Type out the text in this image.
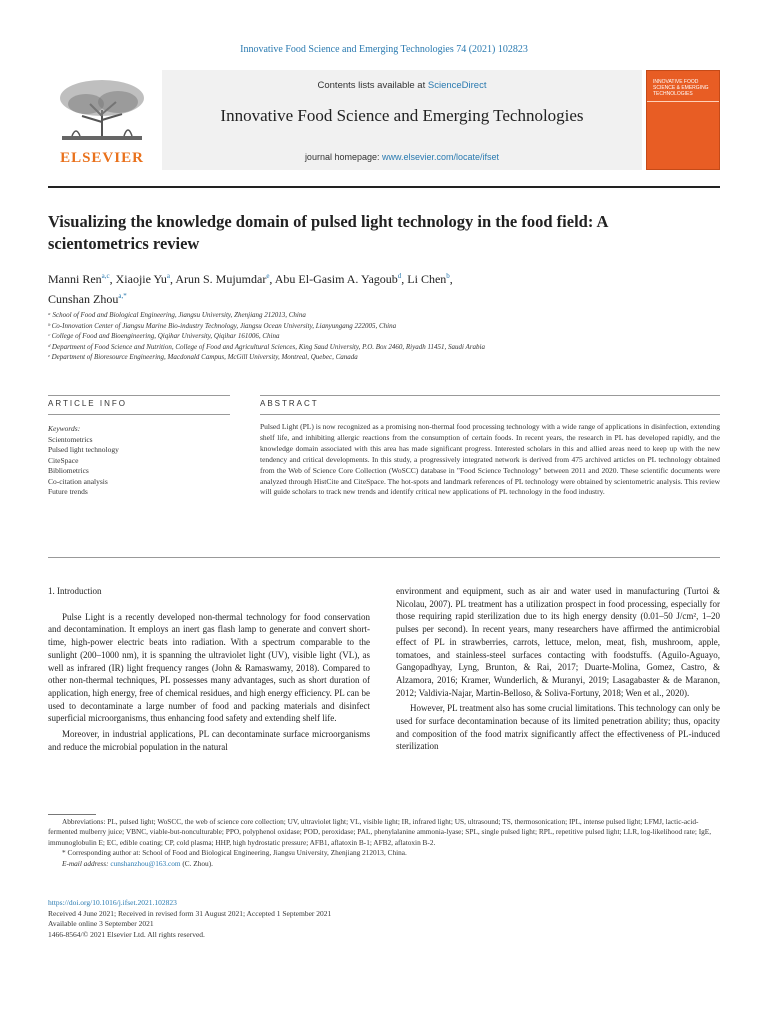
Innovative Food Science and Emerging Technologies 74 (2021) 102823
ELSEVIER
Contents lists available at ScienceDirect
Innovative Food Science and Emerging Technologies
journal homepage: www.elsevier.com/locate/ifset
INNOVATIVE FOOD SCIENCE & EMERGING TECHNOLOGIES
Visualizing the knowledge domain of pulsed light technology in the food field: A scientometrics review
Manni Ren$^{a,c}$, Xiaojie Yu$^a$, Arun S. Mujumdar$^e$, Abu El-Gasim A. Yagoub$^d$, Li Chen$^b$,
Cunshan Zhou$^{a,*}$
ᵃ School of Food and Biological Engineering, Jiangsu University, Zhenjiang 212013, China
ᵇ Co-Innovation Center of Jiangsu Marine Bio-industry Technology, Jiangsu Ocean University, Lianyungang 222005, China
ᶜ College of Food and Bioengineering, Qiqihar University, Qiqihar 161006, China
ᵈ Department of Food Science and Nutrition, College of Food and Agricultural Sciences, King Saud University, P.O. Box 2460, Riyadh 11451, Saudi Arabia
ᵉ Department of Bioresource Engineering, Macdonald Campus, McGill University, Montreal, Quebec, Canada
ARTICLE INFO	ABSTRACT
Keywords:
Scientometrics
Pulsed light technology
CiteSpace
Bibliometrics
Co-citation analysis
Future trends
Pulsed Light (PL) is now recognized as a promising non-thermal food processing technology with a wide range of applications in disinfection, extending shelf life, and inhibiting allergic reactions from the consumption of certain foods. In recent years, the research in PL has developed rapidly, and the knowledge domain associated with this area has made significant progress. Interested scholars in this and allied areas need to keep up with the new tendency and critical developments. In this study, a progressively integrated network is derived from 475 archived articles on PL technology obtained from the Web of Science Core Collection (WoSCC) database in "Food Science Technology" between 2011 and 2020. These scientific documents were analyzed through HistCite and CiteSpace. The hot-spots and landmark references of PL technology were obtained by scientometric analysis. This review will guide scholars to track new trends and identify critical new applications of PL technology in the food industry.

1. Introduction

Pulse Light is a recently developed non-thermal technology for food conservation and decontamination. It employs an inert gas flash lamp to generate and convert short-time, high-power electric beats into radiation. With a spectrum comparable to the sunlight (200–1000 nm), it is spanning the ultraviolet light (UV), visible light (VL), as well as infrared (IR) light frequency ranges (John & Ramaswamy, 2018). Compared to other non-thermal techniques, PL possesses many advantages, such as short duration of application, high energy, free of chemical residues, and high energy efficiency. PL can be used to decontaminate a large number of food and packing materials and disinfect superficial microorganisms, thus enhancing food safety and extending shelf life.

Moreover, in industrial applications, PL can decontaminate surface microorganisms and reduce the microbial population in the natural

environment and equipment, such as air and water used in manufacturing (Turtoi & Nicolau, 2007). PL treatment has a utilization prospect in food processing, especially for those requiring rapid sterilization due to its high energy density (0.01–50 J/cm², 1–20 pulses per second). In recent years, many researchers have affirmed the antimicrobial effect of PL in strawberries, carrots, lettuce, melon, meat, fish, mushroom, apple, tomatoes, and stainless-steel surfaces contacting with foodstuffs. (Aguilo-Aguayo, Gangopadhyay, Lyng, Brunton, & Rai, 2017; Duarte-Molina, Gomez, Castro, & Alzamora, 2016; Kramer, Wunderlich, & Muranyi, 2019; Lasagabaster & de Maranon, 2012; Valdivia-Najar, Martin-Belloso, & Soliva-Fortuny, 2018; Wen et al., 2020).

However, PL treatment also has some crucial limitations. This technology can only be used for surface decontamination because of its limited penetration ability; thus, opacity and composition of the food matrix significantly affect the effectiveness of PL-induced sterilization

Abbreviations: PL, pulsed light; WoSCC, the web of science core collection; UV, ultraviolet light; VL, visible light; IR, infrared light; US, ultrasound; TS, thermosonication; IPL, intense pulsed light; LFMJ, lactic-acid-fermented mulberry juice; VBNC, viable-but-nonculturable; PPO, polyphenol oxidase; POD, peroxidase; PAL, phenylalanine ammonia-lyase; SPL, single pulsed light; RPL, repetitive pulsed light; LLR, log-likelihood rate; IgE, immunoglobulin E; EC, edible coating; CP, cold plasma; HHP, high hydrostatic pressure; AFB1, aflatoxin B-1; AFB2, aflatoxin B-2.

* Corresponding author at: School of Food and Biological Engineering, Jiangsu University, Zhenjiang 212013, China.

E-mail address: cunshanzhou@163.com (C. Zhou).

https://doi.org/10.1016/j.ifset.2021.102823
Received 4 June 2021; Received in revised form 31 August 2021; Accepted 1 September 2021
Available online 3 September 2021
1466-8564/© 2021 Elsevier Ltd. All rights reserved.
